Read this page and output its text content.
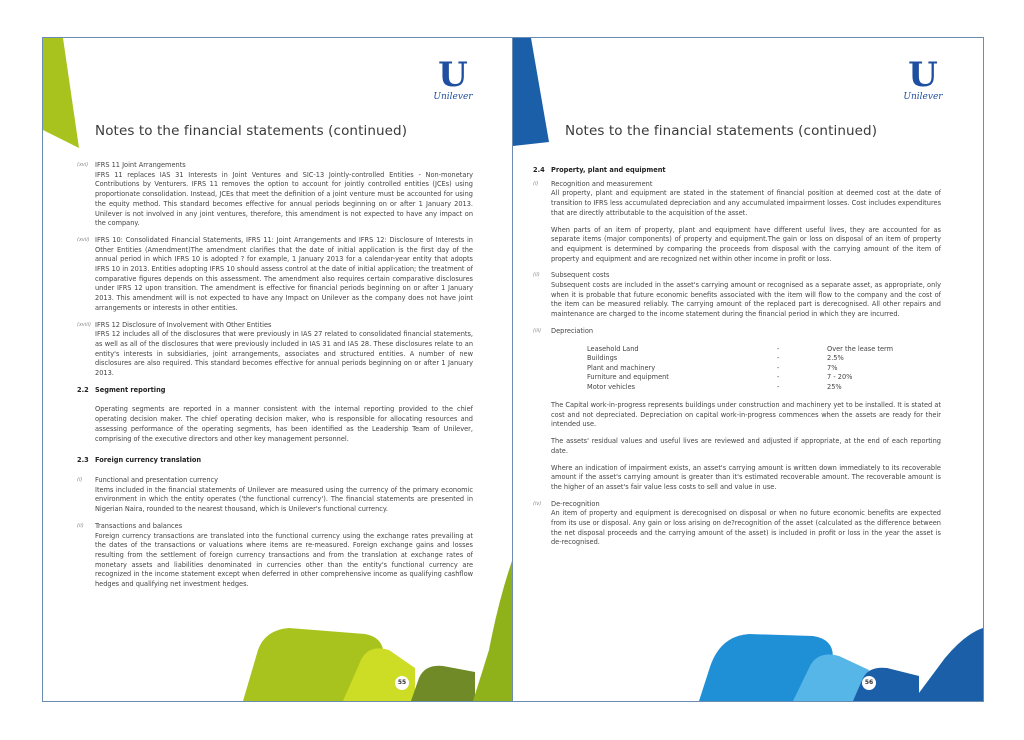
U
Unilever
Notes to the financial statements (continued)
(xvi) IFRS 11 Joint Arrangements
IFRS 11 replaces IAS 31 Interests in Joint Ventures and SIC-13 Jointly-controlled Entities - Non-monetary Contributions by Venturers. IFRS 11 removes the option to account for jointly controlled entities (JCEs) using proportionate consolidation. Instead, JCEs that meet the definition of a joint venture must be accounted for using the equity method. This standard becomes effective for annual periods beginning on or after 1 January 2013. Unilever is not involved in any joint ventures, therefore, this amendment is not expected to have any impact on the company.
(xvii) IFRS 10: Consolidated Financial Statements, IFRS 11: Joint Arrangements and IFRS 12: Disclosure of Interests in Other Entities (Amendment)The amendment clarifies that the date of initial application is the first day of the annual period in which IFRS 10 is adopted ? for example, 1 January 2013 for a calendar-year entity that adopts IFRS 10 in 2013. Entities adopting IFRS 10 should assess control at the date of initial application; the treatment of comparative figures depends on this assessment. The amendment also requires certain comparative disclosures under IFRS 12 upon transition. The amendment is effective for financial periods beginning on or after 1 January 2013. This amendment will is not expected to have any Impact on Unilever as the company does not have joint arrangements or interests in other entities.
(xviii) IFRS 12 Disclosure of Involvement with Other Entities
IFRS 12 includes all of the disclosures that were previously in IAS 27 related to consolidated financial statements, as well as all of the disclosures that were previously included in IAS 31 and IAS 28. These disclosures relate to an entity's interests in subsidiaries, joint arrangements, associates and structured entities. A number of new disclosures are also required. This standard becomes effective for annual periods beginning on or after 1 January 2013.
2.2 Segment reporting
Operating segments are reported in a manner consistent with the internal reporting provided to the chief operating decision maker. The chief operating decision maker, who is responsible for allocating resources and assessing performance of the operating segments, has been identified as the Leadership Team of Unilever, comprising of the executive directors and other key management personnel.
2.3 Foreign currency translation
(i) Functional and presentation currency
Items included in the financial statements of Unilever are measured using the currency of the primary economic environment in which the entity operates ('the functional currency'). The financial statements are presented in Nigerian Naira, rounded to the nearest thousand, which is Unilever's functional currency.
(ii) Transactions and balances
Foreign currency transactions are translated into the functional currency using the exchange rates prevailing at the dates of the transactions or valuations where items are re-measured. Foreign exchange gains and losses resulting from the settlement of foreign currency transactions and from the translation at exchange rates of monetary assets and liabilities denominated in currencies other than the entity's functional currency are recognized in the income statement except when deferred in other comprehensive income as qualifying cashflow hedges and qualifying net investment hedges.
55
U
Unilever
Notes to the financial statements (continued)
2.4 Property, plant and equipment
(i) Recognition and measurement
All property, plant and equipment are stated in the statement of financial position at deemed cost at the date of transition to IFRS less accumulated depreciation and any accumulated impairment losses. Cost includes expenditures that are directly attributable to the acquisition of the asset.
When parts of an item of property, plant and equipment have different useful lives, they are accounted for as separate items (major components) of property and equipment.The gain or loss on disposal of an item of property and equipment is determined by comparing the proceeds from disposal with the carrying amount of the item of property and equipment and are recognized net within other income in profit or loss.
(ii) Subsequent costs
Subsequent costs are included in the asset's carrying amount or recognised as a separate asset, as appropriate, only when it is probable that future economic benefits associated with the item will flow to the company and the cost of the item can be measured reliably. The carrying amount of the replaced part is derecognised. All other repairs and maintenance are charged to the income statement during the financial period in which they are incurred.
(iii) Depreciation
Leasehold Land	-	Over the lease term
Buildings	-	2.5%
Plant and machinery	-	7%
Furniture and equipment	-	7 - 20%
Motor vehicles	-	25%
The Capital work-in-progress represents buildings under construction and machinery yet to be installed. It is stated at cost and not depreciated. Depreciation on capital work-in-progress commences when the assets are ready for their intended use.
The assets' residual values and useful lives are reviewed and adjusted if appropriate, at the end of each reporting date.
Where an indication of impairment exists, an asset's carrying amount is written down immediately to its recoverable amount if the asset's carrying amount is greater than it's estimated recoverable amount. The recoverable amount is the higher of an asset's fair value less costs to sell and value in use.
(iv) De-recognition
An item of property and equipment is derecognised on disposal or when no future economic benefits are expected from its use or disposal. Any gain or loss arising on de?recognition of the asset (calculated as the difference between the net disposal proceeds and the carrying amount of the asset) is included in profit or loss in the year the asset is de-recognised.
56
